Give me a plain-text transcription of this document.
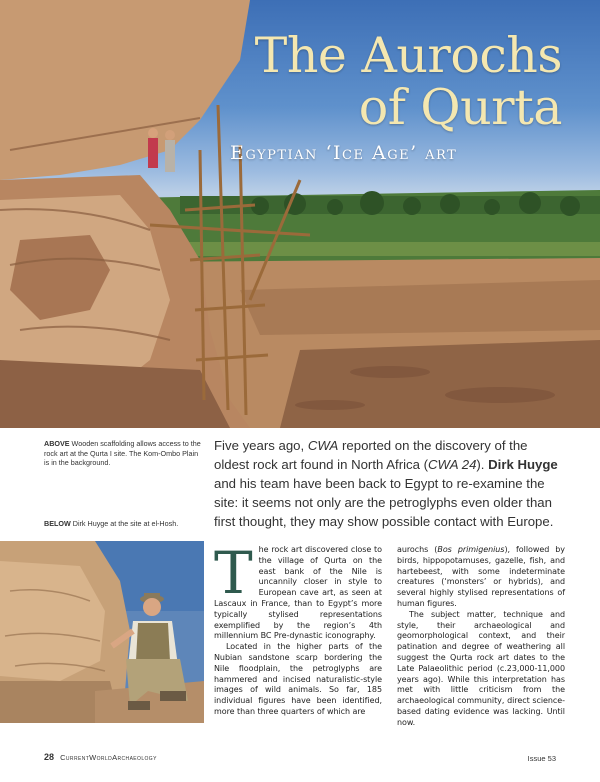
The Aurochs
of Qurta
Egyptian ‘Ice Age’ art
ABOVE Wooden scaffolding allows access to the rock art at the Qurta I site. The Kom-Ombo Plain is in the background.
BELOW Dirk Huyge at the site at el-Hosh.
Five years ago, CWA reported on the discovery of the oldest rock art found in North Africa (CWA 24). Dirk Huyge and his team have been back to Egypt to re-examine the site: it seems not only are the petroglyphs even older than first thought, they may show possible contact with Europe.

The rock art discovered close to the village of Qurta on the east bank of the Nile is uncannily closer in style to European cave art, as seen at Lascaux in France, than to Egypt’s more typically stylised representations exemplified by the region’s 4th millennium BC Pre-dynastic iconography.

Located in the higher parts of the Nubian sandstone scarp bordering the Nile floodplain, the petroglyphs are hammered and incised naturalistic-style images of wild animals. So far, 185 individual figures have been identified, more than three quarters of which are

aurochs (Bos primigenius), followed by birds, hippopotamuses, gazelle, fish, and hartebeest, with some indeterminate creatures (‘monsters’ or hybrids), and several highly stylised representations of human figures.

The subject matter, technique and style, their archaeological and geomorphological context, and their patination and degree of weathering all suggest the Qurta rock art dates to the Late Palaeolithic period (c.23,000-11,000 years ago). While this interpretation has met with little criticism from the archaeological community, direct science-based dating evidence was lacking. Until now.

28 CurrentWorldArchaeology	Issue 53
